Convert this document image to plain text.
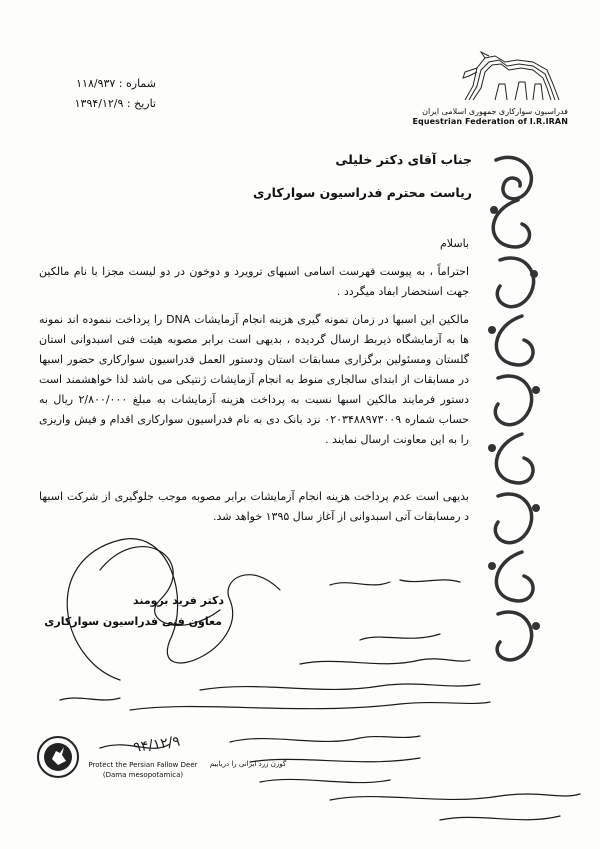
شماره : ۱۱۸/۹۳۷
تاریخ : ۱۳۹۴/۱۲/۹
فدراسیون سوارکاری جمهوری اسلامی ایران
Equestrian Federation of I.R.IRAN
جناب آقای دکتر خلیلی
ریاست محترم فدراسیون سوارکاری
باسلام
احتراماً ، به پیوست فهرست اسامی اسبهای ترویرد و دوخون در دو لیست مجزا با نام مالکین جهت استحضار ابفاد میگردد .
مالکین این اسبها در زمان نمونه گیری هزینه انجام آزمایشات DNA را پرداخت ننموده اند نمونه ها به آزمایشگاه ذیربط ارسال گردیده ، بدیهی است برابر مصوبه هیئت فنی اسبدوانی استان گلستان ومسئولین برگزاری مسابقات استان ودستور العمل فدراسیون سوارکاری حضور اسبها در مسابقات از ابتدای سالجاری منوط به انجام آزمایشات ژنتیکی می باشد لذا خواهشمند است دستور فرمایند مالکین اسبها نسبت به پرداخت هزینه آزمایشات به مبلغ ۲/۸۰۰/۰۰۰ ریال به حساب شماره ۰۲۰۳۴۸۸۹۷۳۰۰۹ نزد بانک دی به نام فدراسیون سوارکاری اقدام و فیش واریزی را به این معاونت ارسال نمایند .
بدیهی است عدم پرداخت هزینه انجام آزمایشات برابر مصوبه موجب جلوگیری از شرکت اسبها د رمسابقات آتی اسبدوانی از آغاز سال ۱۳۹۵ خواهد شد.
دکتر فرید برومند
معاون فنی فدراسیون سوارکاری
۹۴/۱۲/۹
Protect the Persian Fallow Deer
(Dama mesopotamica)
گوزن زرد ایرانی را دریابیم
